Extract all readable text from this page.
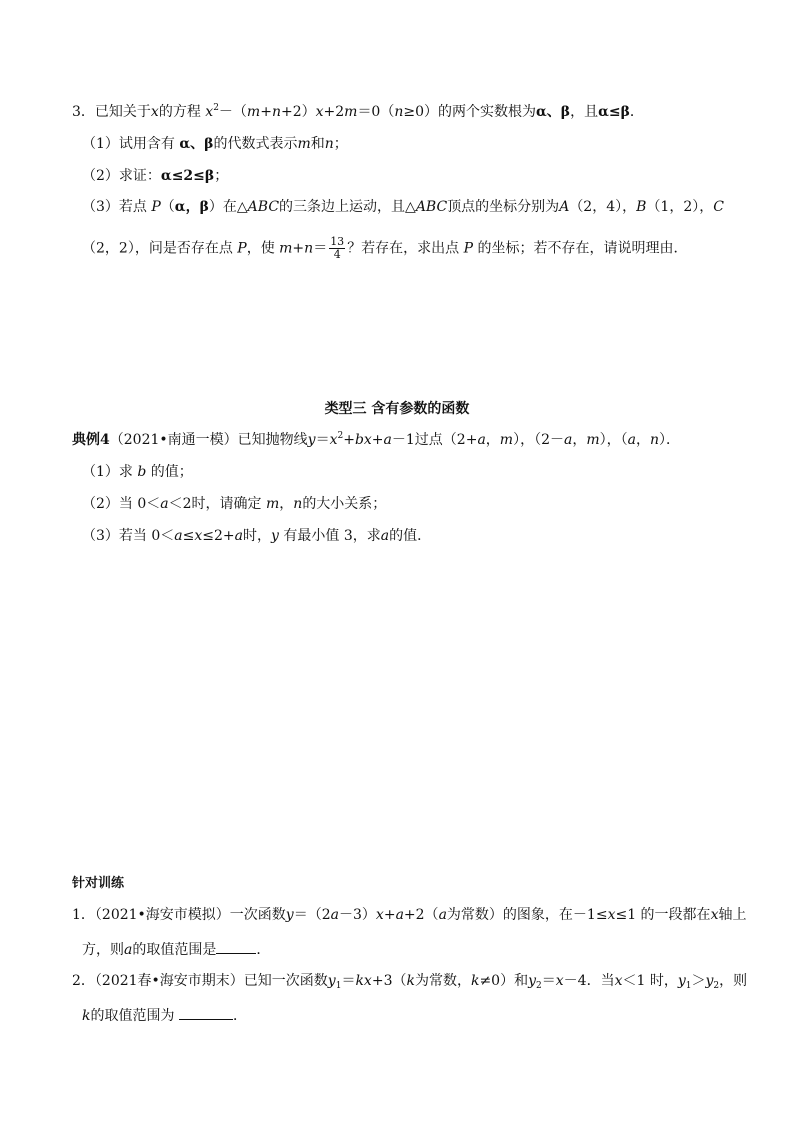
3．已知关于x的方程 $x^2-(m+n+2)x+2m=0(n\ge 0)$的两个实数根为α、β，且α≤β．
（1）试用含有 α、β的代数式表示m和n；
（2）求证：α≤2≤β；
（3）若点 P（α，β）在△ABC的三条边上运动，且△ABC顶点的坐标分别为A（2，4），B（1，2），C
（2，2），问是否存在点 P，使 $m+n= \frac{13}{4}$ ？若存在，求出点 P 的坐标；若不存在，请说明理由．
类型三 含有参数的函数
典例4（2021•南通一模）已知抛物线$y=x^2+bx+a-1$过点（2+a，m），（2－a，m），（a，n）．
（1）求 b 的值；
（2）当 0＜a＜2时，请确定 m，n的大小关系；
（3）若当 0＜a≤x≤2+a时，y 有最小值 3，求a的值．
针对训练
1．（2021•海安市模拟）一次函数y＝（2a－3）x+a+2（a为常数）的图象，在－1≤x≤1 的一段都在x轴上
方，则a的取值范围是	．
2．（2021春•海安市期末）已知一次函数$y_1=kx+3(k$为常数，k≠0）和$y_2=x-4$．当x＜1 时，$y_1>y_2$，则
k的取值范围为	．
